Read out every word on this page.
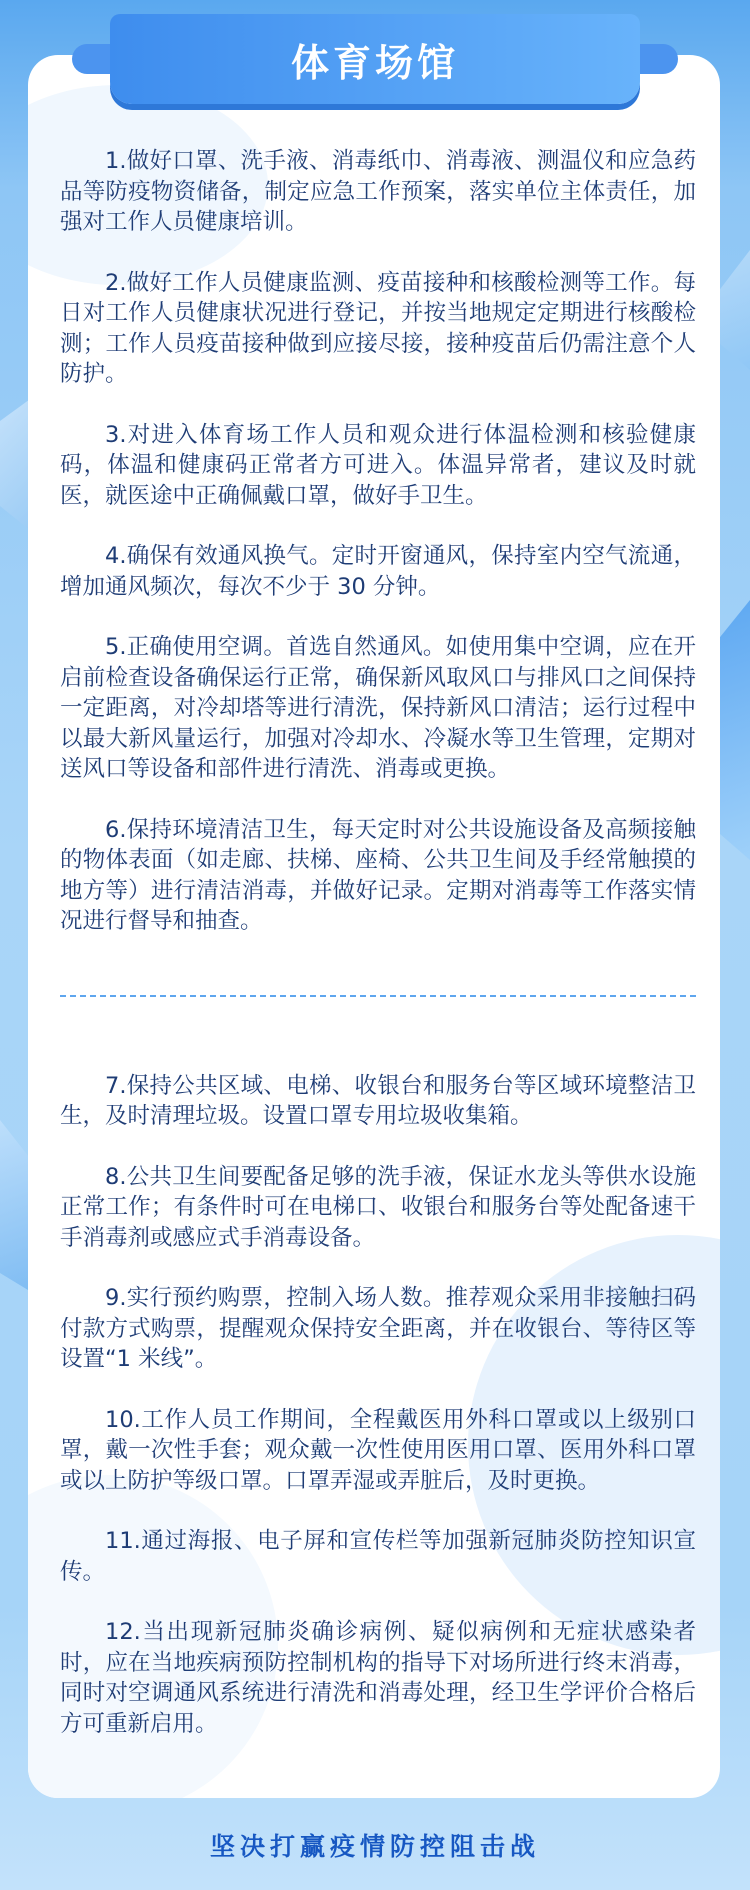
体育场馆

1.做好口罩、洗手液、消毒纸巾、消毒液、测温仪和应急药品等防疫物资储备，制定应急工作预案，落实单位主体责任，加强对工作人员健康培训。

2.做好工作人员健康监测、疫苗接种和核酸检测等工作。每日对工作人员健康状况进行登记，并按当地规定定期进行核酸检测；工作人员疫苗接种做到应接尽接，接种疫苗后仍需注意个人防护。

3.对进入体育场工作人员和观众进行体温检测和核验健康码，体温和健康码正常者方可进入。体温异常者，建议及时就医，就医途中正确佩戴口罩，做好手卫生。

4.确保有效通风换气。定时开窗通风，保持室内空气流通，增加通风频次，每次不少于 30 分钟。

5.正确使用空调。首选自然通风。如使用集中空调，应在开启前检查设备确保运行正常，确保新风取风口与排风口之间保持一定距离，对冷却塔等进行清洗，保持新风口清洁；运行过程中以最大新风量运行，加强对冷却水、冷凝水等卫生管理，定期对送风口等设备和部件进行清洗、消毒或更换。

6.保持环境清洁卫生，每天定时对公共设施设备及高频接触的物体表面（如走廊、扶梯、座椅、公共卫生间及手经常触摸的地方等）进行清洁消毒，并做好记录。定期对消毒等工作落实情况进行督导和抽查。

7.保持公共区域、电梯、收银台和服务台等区域环境整洁卫生，及时清理垃圾。设置口罩专用垃圾收集箱。

8.公共卫生间要配备足够的洗手液，保证水龙头等供水设施正常工作；有条件时可在电梯口、收银台和服务台等处配备速干手消毒剂或感应式手消毒设备。

9.实行预约购票，控制入场人数。推荐观众采用非接触扫码付款方式购票，提醒观众保持安全距离，并在收银台、等待区等设置“1 米线”。

10.工作人员工作期间，全程戴医用外科口罩或以上级别口罩，戴一次性手套；观众戴一次性使用医用口罩、医用外科口罩或以上防护等级口罩。口罩弄湿或弄脏后，及时更换。

11.通过海报、电子屏和宣传栏等加强新冠肺炎防控知识宣传。

12.当出现新冠肺炎确诊病例、疑似病例和无症状感染者时，应在当地疾病预防控制机构的指导下对场所进行终末消毒，同时对空调通风系统进行清洗和消毒处理，经卫生学评价合格后方可重新启用。

坚决打赢疫情防控阻击战
